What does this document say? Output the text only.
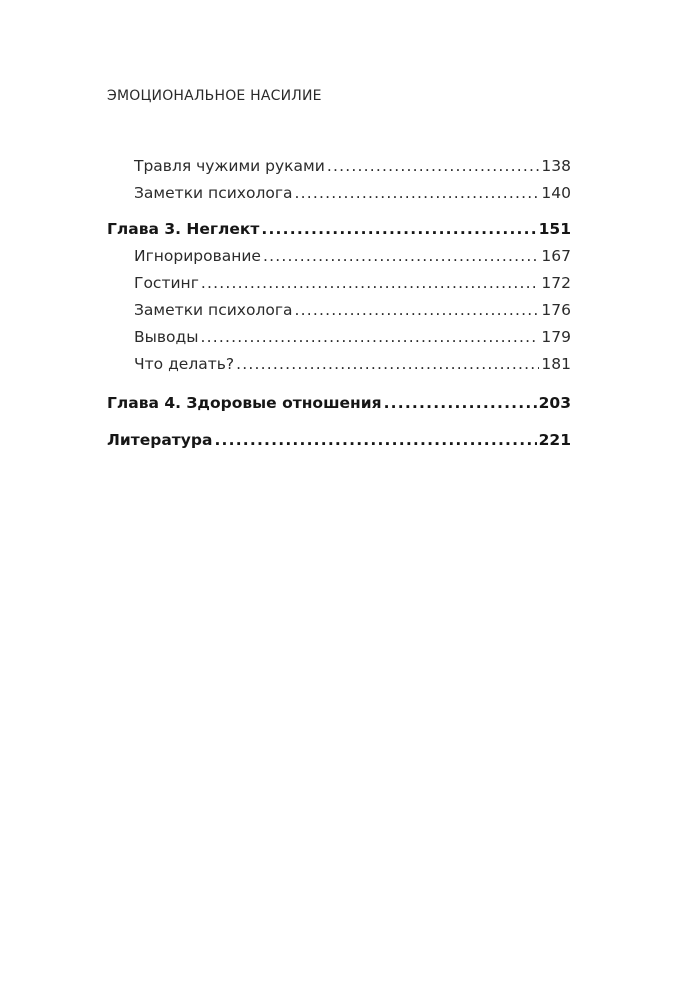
ЭМОЦИОНАЛЬНОЕ НАСИЛИЕ
Травля чужими руками .....	138
Заметки психолога .....	140
Глава 3. Неглект .....	151
Игнорирование .....	167
Гостинг .....	172
Заметки психолога .....	176
Выводы .....	179
Что делать? .....	181
Глава 4. Здоровые отношения .....	203
Литература .....	221
